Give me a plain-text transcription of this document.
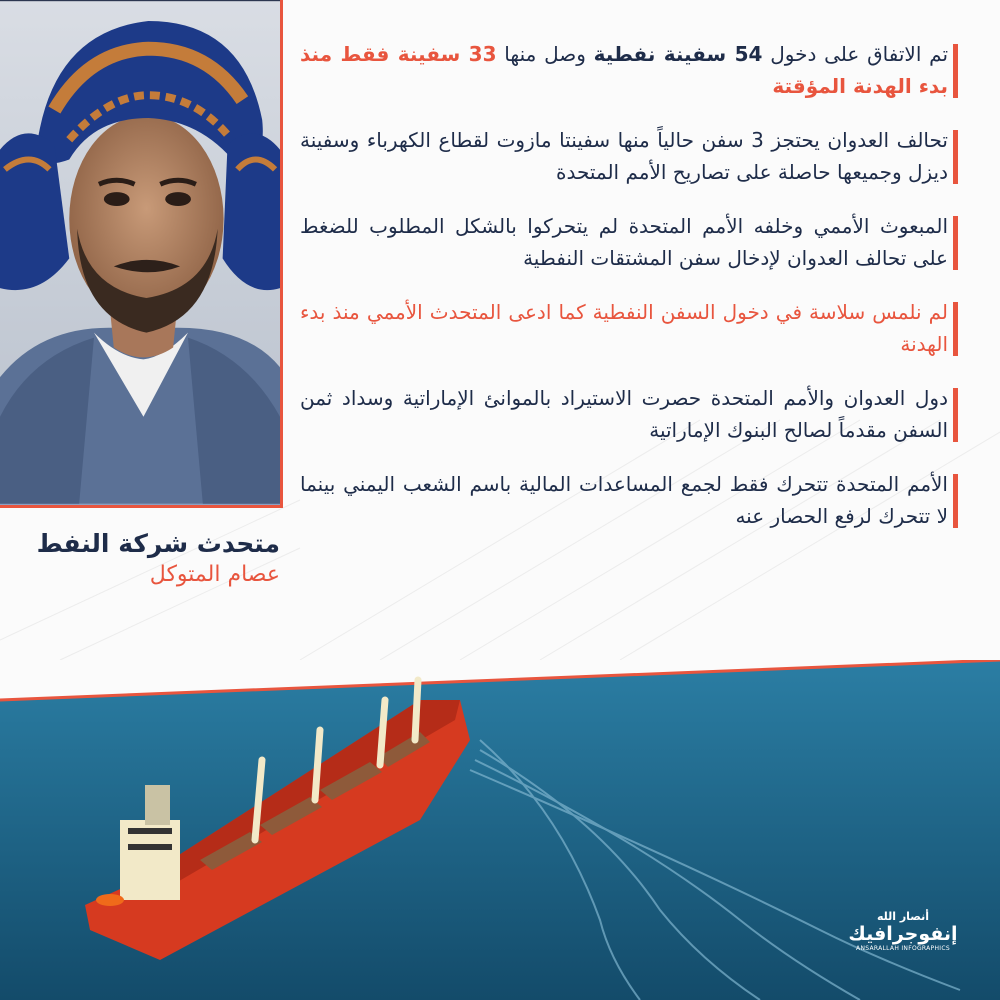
متحدث شركة النفط
عصام المتوكل

تم الاتفاق على دخول 54 سفينة نفطية وصل منها 33 سفينة فقط منذ بدء الهدنة المؤقتة

تحالف العدوان يحتجز 3 سفن حالياً منها سفينتا مازوت لقطاع الكهرباء وسفينة ديزل وجميعها حاصلة على تصاريح الأمم المتحدة

المبعوث الأممي وخلفه الأمم المتحدة لم يتحركوا بالشكل المطلوب للضغط على تحالف العدوان لإدخال سفن المشتقات النفطية

لم نلمس سلاسة في دخول السفن النفطية كما ادعى المتحدث الأممي منذ بدء الهدنة

دول العدوان والأمم المتحدة حصرت الاستيراد بالموانئ الإماراتية وسداد ثمن السفن مقدماً لصالح البنوك الإماراتية

الأمم المتحدة تتحرك فقط لجمع المساعدات المالية باسم الشعب اليمني بينما لا تتحرك لرفع الحصار عنه

أنصار الله
إنفوجرافيك
ANSARALLAH INFOGRAPHICS
